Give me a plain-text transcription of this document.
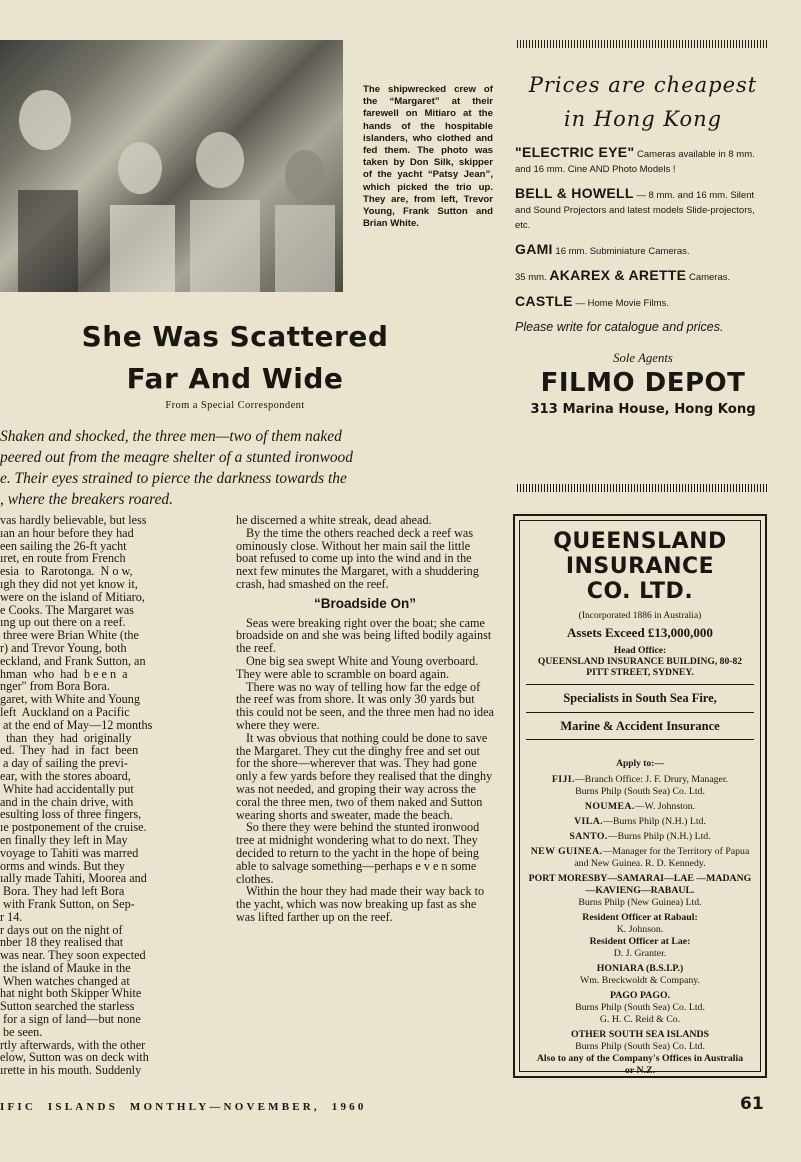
The shipwrecked crew of the “Margaret” at their farewell on Mitiaro at the hands of the hospitable islanders, who clothed and fed them. The photo was taken by Don Silk, skipper of the yacht “Patsy Jean”, which picked the trio up. They are, from left, Trevor Young, Frank Sutton and Brian White.
She Was Scattered
Far And Wide
From a Special Correspondent
Shaken and shocked, the three men—two of them naked
peered out from the meagre shelter of a stunted ironwood
e. Their eyes strained to pierce the darkness towards the
, where the breakers roared.
vas hardly believable, but less
ıan an hour before they had
een sailing the 26-ft yacht
ıret, en route from French
esia  to  Rarotonga.  N o w,
ıgh they did not yet know it,
were on the island of Mitiaro,
e Cooks. The Margaret was
ıng up out there on a reef.
three were Brian White (the
r) and Trevor Young, both
eckland, and Frank Sutton, an
hman  who  had  b e e n  a
nger" from Bora Bora.
garet, with White and Young
left  Auckland on a Pacific
at the end of May—12 months
than  they  had  originally
ed.  They  had  in  fact  been
a day of sailing the previ-
ear, with the stores aboard,
White had accidentally put
and in the chain drive, with
esulting loss of three fingers,
ıe postponement of the cruise.
en finally they left in May
voyage to Tahiti was marred
orms and winds. But they
ıally made Tahiti, Moorea and
Bora. They had left Bora
with Frank Sutton, on Sep-
r 14.
r days out on the night of
nber 18 they realised that
was near. They soon expected
the island of Mauke in the
When watches changed at
hat night both Skipper White
Sutton searched the starless
for a sign of land—but none
be seen.
rtly afterwards, with the other
elow, Sutton was on deck with
ırette in his mouth. Suddenly

he discerned a white streak, dead ahead.

By the time the others reached deck a reef was ominously close. Without her main sail the little boat refused to come up into the wind and in the next few minutes the Margaret, with a shuddering crash, had smashed on the reef.

“Broadside On”

Seas were breaking right over the boat; she came broadside on and she was being lifted bodily against the reef.

One big sea swept White and Young overboard. They were able to scramble on board again.

There was no way of telling how far the edge of the reef was from shore. It was only 30 yards but this could not be seen, and the three men had no idea where they were.

It was obvious that nothing could be done to save the Margaret. They cut the dinghy free and set out for the shore—wherever that was. They had gone only a few yards before they realised that the dinghy was not needed, and groping their way across the coral the three men, two of them naked and Sutton wearing shorts and sweater, made the beach.

So there they were behind the stunted ironwood tree at midnight wondering what to do next. They decided to return to the yacht in the hope of being able to salvage something—perhaps e v e n some clothes.

Within the hour they had made their way back to the yacht, which was now breaking up fast as she was lifted farther up on the reef.

Prices are cheapest
in Hong Kong
"ELECTRIC EYE" Cameras available in 8 mm. and 16 mm. Cine AND Photo Models !
BELL & HOWELL — 8 mm. and 16 mm. Silent and Sound Projectors and latest models Slide-projectors, etc.
GAMI 16 mm. Subminiature Cameras.
35 mm. AKAREX & ARETTE Cameras.
CASTLE — Home Movie Films.
Please write for catalogue and prices.
Sole Agents
FILMO DEPOT
313 Marina House, Hong Kong
QUEENSLAND
INSURANCE
CO. LTD.
(Incorporated 1886 in Australia)
Assets Exceed £13,000,000
Head Office:
QUEENSLAND INSURANCE BUILDING, 80-82 PITT STREET, SYDNEY.
Specialists in South Sea Fire,
Marine & Accident Insurance
Apply to:—
FIJI.—Branch Office: J. F. Drury, Manager.
Burns Philp (South Sea) Co. Ltd.
NOUMEA.—W. Johnston.
VILA.—Burns Philp (N.H.) Ltd.
SANTO.—Burns Philp (N.H.) Ltd.
NEW GUINEA.—Manager for the Territory of Papua and New Guinea. R. D. Kennedy.
PORT MORESBY—SAMARAI—LAE —MADANG—KAVIENG—RABAUL.
Burns Philp (New Guinea) Ltd.
Resident Officer at Rabaul:
K. Johnson.
Resident Officer at Lae:
D. J. Granter.
HONIARA (B.S.I.P.)
Wm. Breckwoldt & Company.
PAGO PAGO.
Burns Philp (South Sea) Co. Ltd.
G. H. C. Reid & Co.
OTHER SOUTH SEA ISLANDS
Burns Philp (South Sea) Co. Ltd.
Also to any of the Company's Offices in Australia or N.Z.
IFIC  ISLANDS  MONTHLY—NOVEMBER,  1960	61
